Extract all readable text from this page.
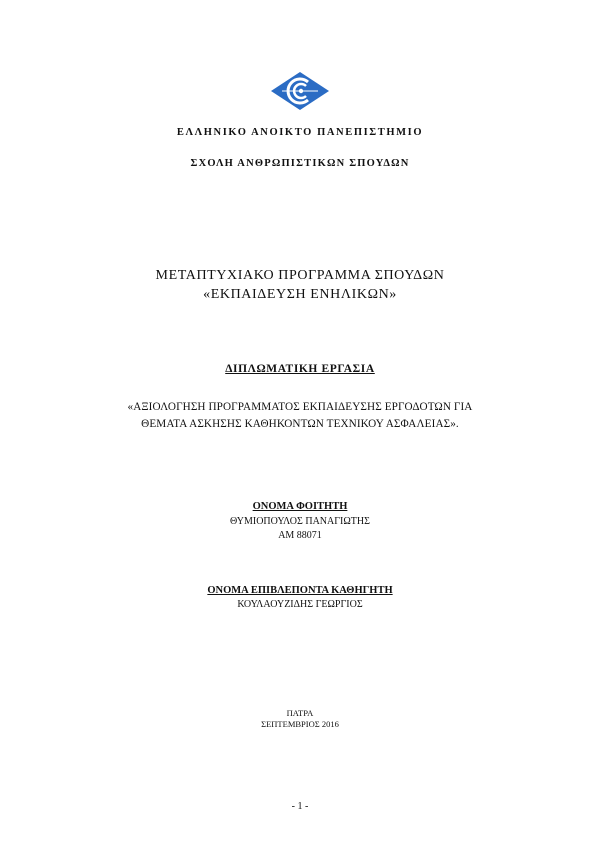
ΕΛΛΗΝΙΚΟ ΑΝΟΙΚΤΟ ΠΑΝΕΠΙΣΤΗΜΙΟ
ΣΧΟΛΗ ΑΝΘΡΩΠΙΣΤΙΚΩΝ ΣΠΟΥΔΩΝ
ΜΕΤΑΠΤΥΧΙΑΚΟ ΠΡΟΓΡΑΜΜΑ ΣΠΟΥΔΩΝ
«ΕΚΠΑΙΔΕΥΣΗ ΕΝΗΛΙΚΩΝ»
ΔΙΠΛΩΜΑΤΙΚΗ ΕΡΓΑΣΙΑ
«ΑΞΙΟΛΟΓΗΣΗ ΠΡΟΓΡΑΜΜΑΤΟΣ ΕΚΠΑΙΔΕΥΣΗΣ ΕΡΓΟΔΟΤΩΝ ΓΙΑ
ΘΕΜΑΤΑ ΑΣΚΗΣΗΣ ΚΑΘΗΚΟΝΤΩΝ ΤΕΧΝΙΚΟΥ ΑΣΦΑΛΕΙΑΣ».
ΟΝΟΜΑ ΦΟΙΤΗΤΗ
ΘΥΜΙΟΠΟΥΛΟΣ ΠΑΝΑΓΙΩΤΗΣ
ΑΜ 88071
ΟΝΟΜΑ ΕΠΙΒΛΕΠΟΝΤΑ ΚΑΘΗΓΗΤΗ
ΚΟΥΛΑΟΥΖΙΔΗΣ ΓΕΩΡΓΙΟΣ
ΠΑΤΡΑ
ΣΕΠΤΕΜΒΡΙΟΣ 2016
- 1 -
